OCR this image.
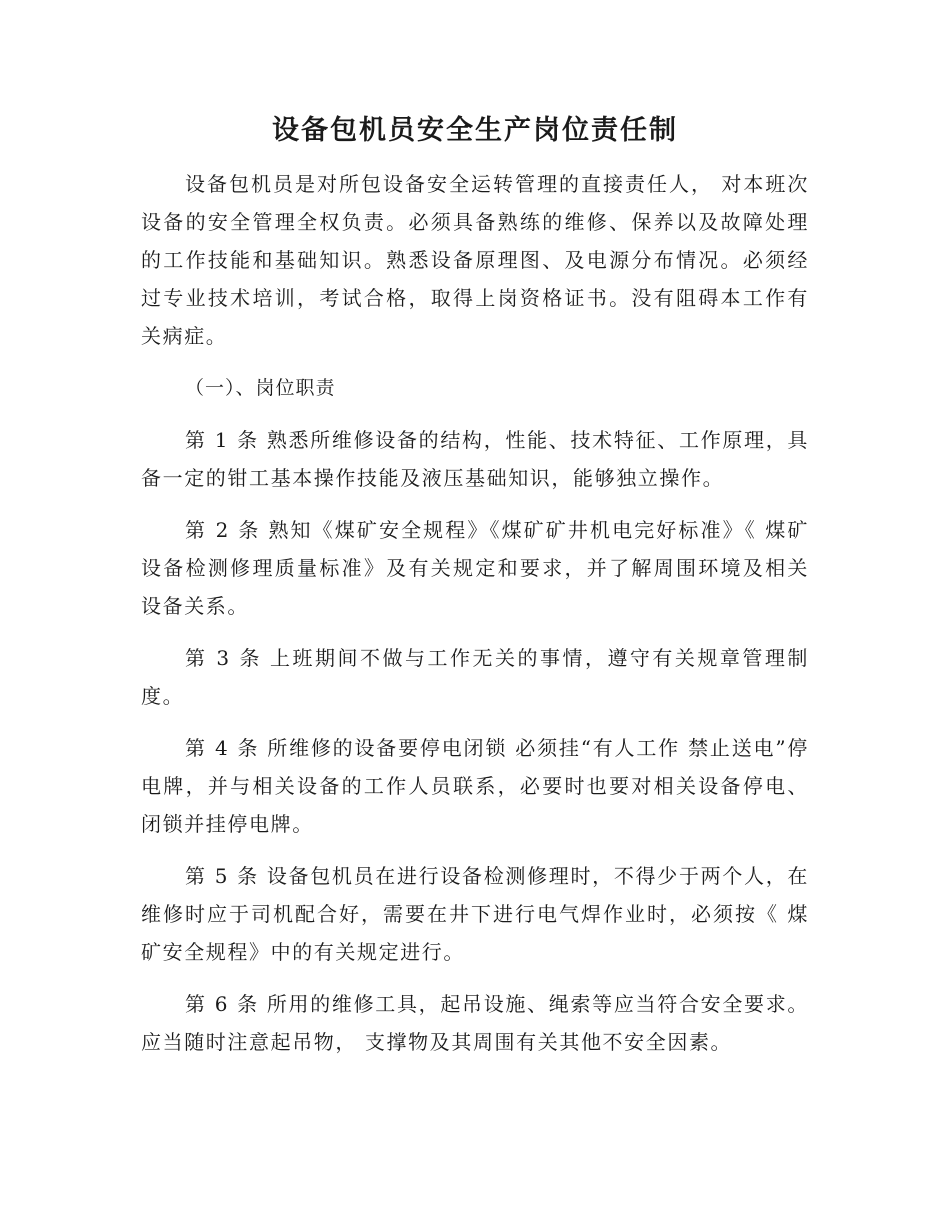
设备包机员安全生产岗位责任制

设备包机员是对所包设备安全运转管理的直接责任人， 对本班次设备的安全管理全权负责。必须具备熟练的维修、保养以及故障处理的工作技能和基础知识。熟悉设备原理图、及电源分布情况。必须经过专业技术培训，考试合格，取得上岗资格证书。没有阻碍本工作有关病症。

（一）、岗位职责

第 1 条 熟悉所维修设备的结构，性能、技术特征、工作原理，具备一定的钳工基本操作技能及液压基础知识，能够独立操作。

第 2 条 熟知《煤矿安全规程》《煤矿矿井机电完好标准》《 煤矿设备检测修理质量标准》及有关规定和要求，并了解周围环境及相关设备关系。

第 3 条 上班期间不做与工作无关的事情，遵守有关规章管理制度。

第 4 条 所维修的设备要停电闭锁 必须挂“有人工作 禁止送电”停电牌，并与相关设备的工作人员联系，必要时也要对相关设备停电、闭锁并挂停电牌。

第 5 条 设备包机员在进行设备检测修理时，不得少于两个人，在维修时应于司机配合好，需要在井下进行电气焊作业时，必须按《 煤矿安全规程》中的有关规定进行。

第 6 条 所用的维修工具，起吊设施、绳索等应当符合安全要求。应当随时注意起吊物， 支撑物及其周围有关其他不安全因素。
